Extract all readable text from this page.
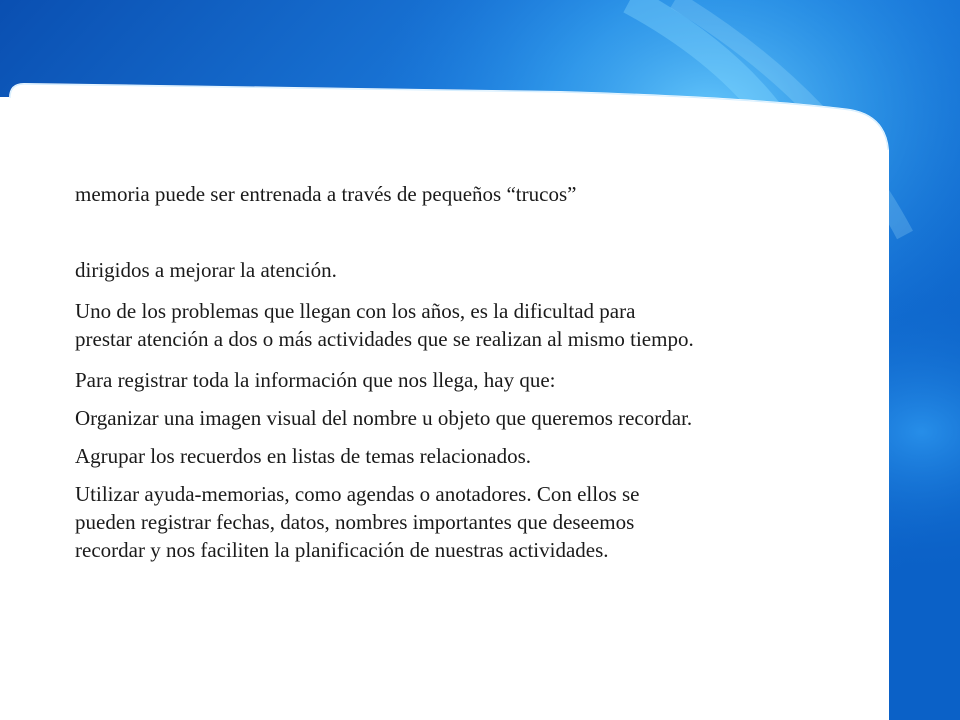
memoria puede ser entrenada a través de pequeños “trucos”

dirigidos a mejorar la atención.

Uno de los problemas que llegan con los años, es la dificultad para
prestar atención a dos o más actividades que se realizan al mismo tiempo.

Para registrar toda la información que nos llega, hay que:

Organizar una imagen visual del nombre u objeto que queremos recordar.

Agrupar los recuerdos en listas de temas relacionados.

Utilizar ayuda-memorias, como agendas o anotadores. Con ellos se
pueden registrar fechas, datos, nombres importantes que deseemos
recordar y nos faciliten la planificación de nuestras actividades.
